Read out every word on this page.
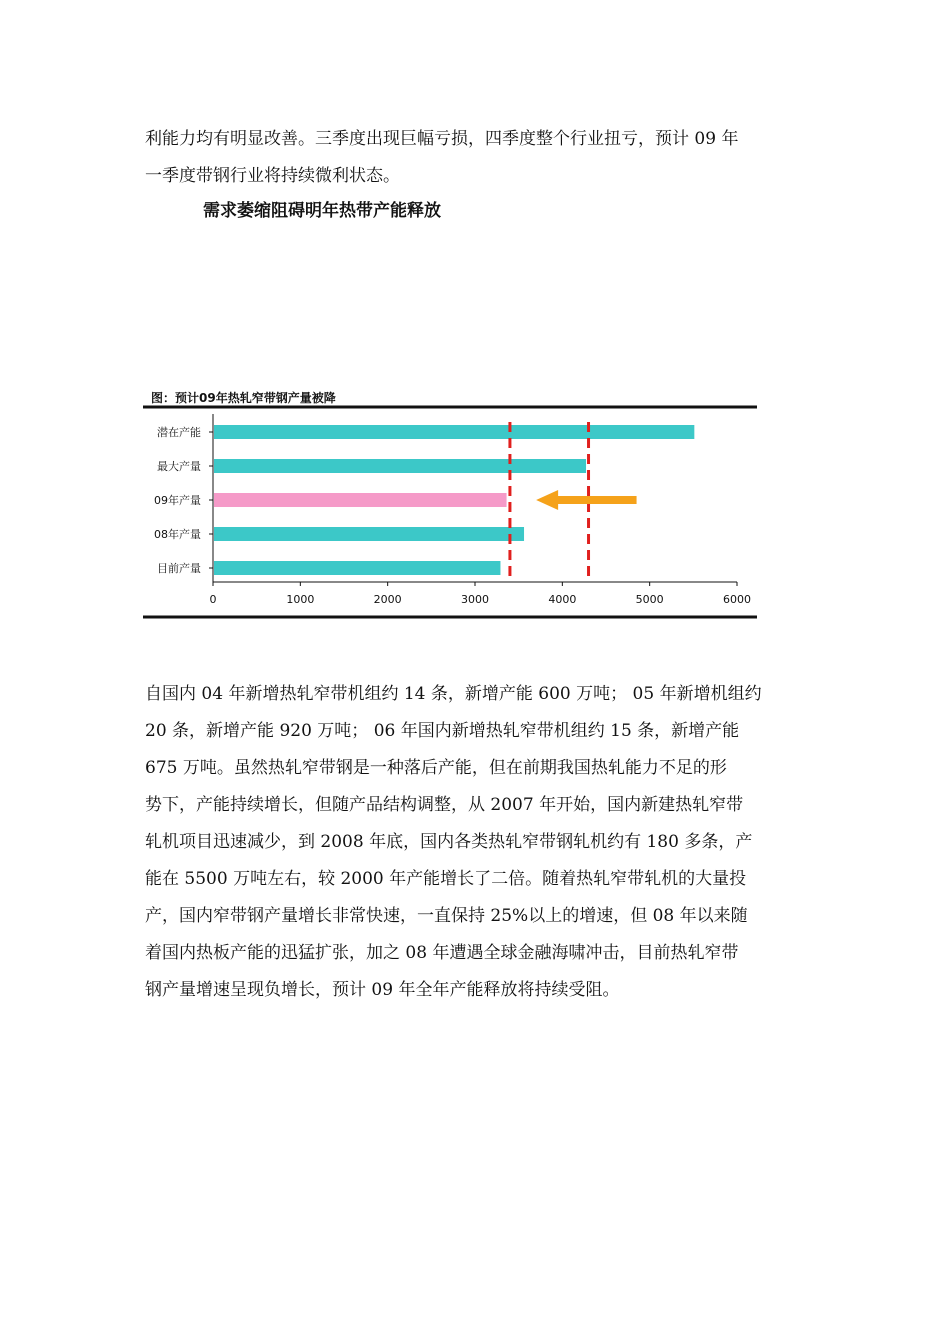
利能力均有明显改善。三季度出现巨幅亏损，四季度整个行业扭亏，预计 09 年
一季度带钢行业将持续微利状态。
需求萎缩阻碍明年热带产能释放
图：预计09年热轧窄带钢产量被降
0	1000	2000	3000	4000	5000	6000
潜在产能
最大产量
09年产量
08年产量
目前产量
自国内 04 年新增热轧窄带机组约 14 条，新增产能 600 万吨； 05 年新增机组约
20 条，新增产能 920 万吨； 06 年国内新增热轧窄带机组约 15 条，新增产能
675 万吨。虽然热轧窄带钢是一种落后产能，但在前期我国热轧能力不足的形
势下，产能持续增长，但随产品结构调整，从 2007 年开始，国内新建热轧窄带
轧机项目迅速减少，到 2008 年底，国内各类热轧窄带钢轧机约有 180 多条，产
能在 5500 万吨左右，较 2000 年产能增长了二倍。随着热轧窄带轧机的大量投
产，国内窄带钢产量增长非常快速，一直保持 25%以上的增速，但 08 年以来随
着国内热板产能的迅猛扩张，加之 08 年遭遇全球金融海啸冲击，目前热轧窄带
钢产量增速呈现负增长，预计 09 年全年产能释放将持续受阻。
